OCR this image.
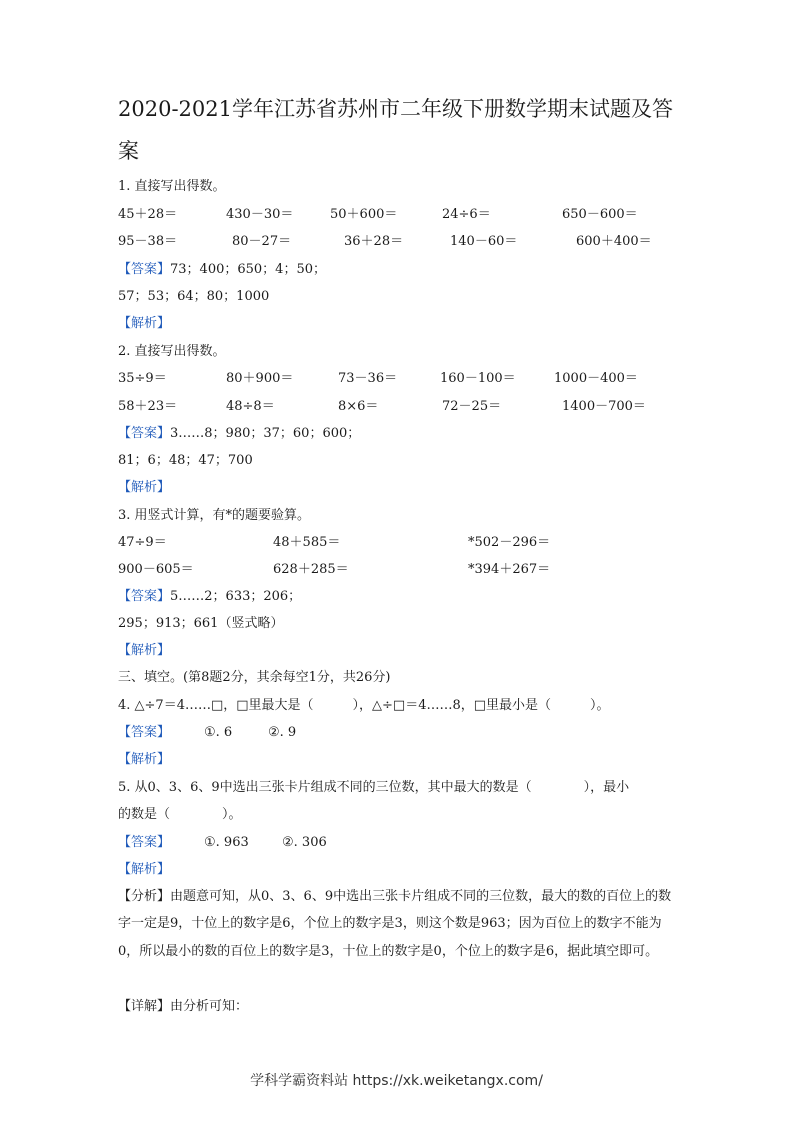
2020-2021学年江苏省苏州市二年级下册数学期末试题及答案
1. 直接写出得数。
45＋28＝	430－30＝	50＋600＝	24÷6＝	650－600＝
95－38＝	80－27＝	36＋28＝	140－60＝	600＋400＝
【答案】73；400；650；4；50；
57；53；64；80；1000
【解析】
2. 直接写出得数。
35÷9＝	80＋900＝	73－36＝	160－100＝	1000－400＝
58＋23＝	48÷8＝	8×6＝	72－25＝	1400－700＝
【答案】3……8；980；37；60；600；
81；6；48；47；700
【解析】
3. 用竖式计算，有*的题要验算。
47÷9＝	48＋585＝	*502－296＝
900－605＝	628＋285＝	*394＋267＝
【答案】5……2；633；206；
295；913；661（竖式略）
【解析】
三、填空。(第8题2分，其余每空1分，共26分)
4. △÷7＝4……□，□里最大是（　　　），△÷□＝4……8，□里最小是（　　　）。
【答案】	①. 6	②. 9
【解析】
5. 从0、3、6、9中选出三张卡片组成不同的三位数，其中最大的数是（　　　　），最小
的数是（　　　　）。
【答案】	①. 963	②. 306
【解析】
【分析】由题意可知，从0、3、6、9中选出三张卡片组成不同的三位数，最大的数的百位上的数字一定是9，十位上的数字是6，个位上的数字是3，则这个数是963；因为百位上的数字不能为0，所以最小的数的百位上的数字是3，十位上的数字是0，个位上的数字是6，据此填空即可。
【详解】由分析可知：
学科学霸资料站 https://xk.weiketangx.com/
